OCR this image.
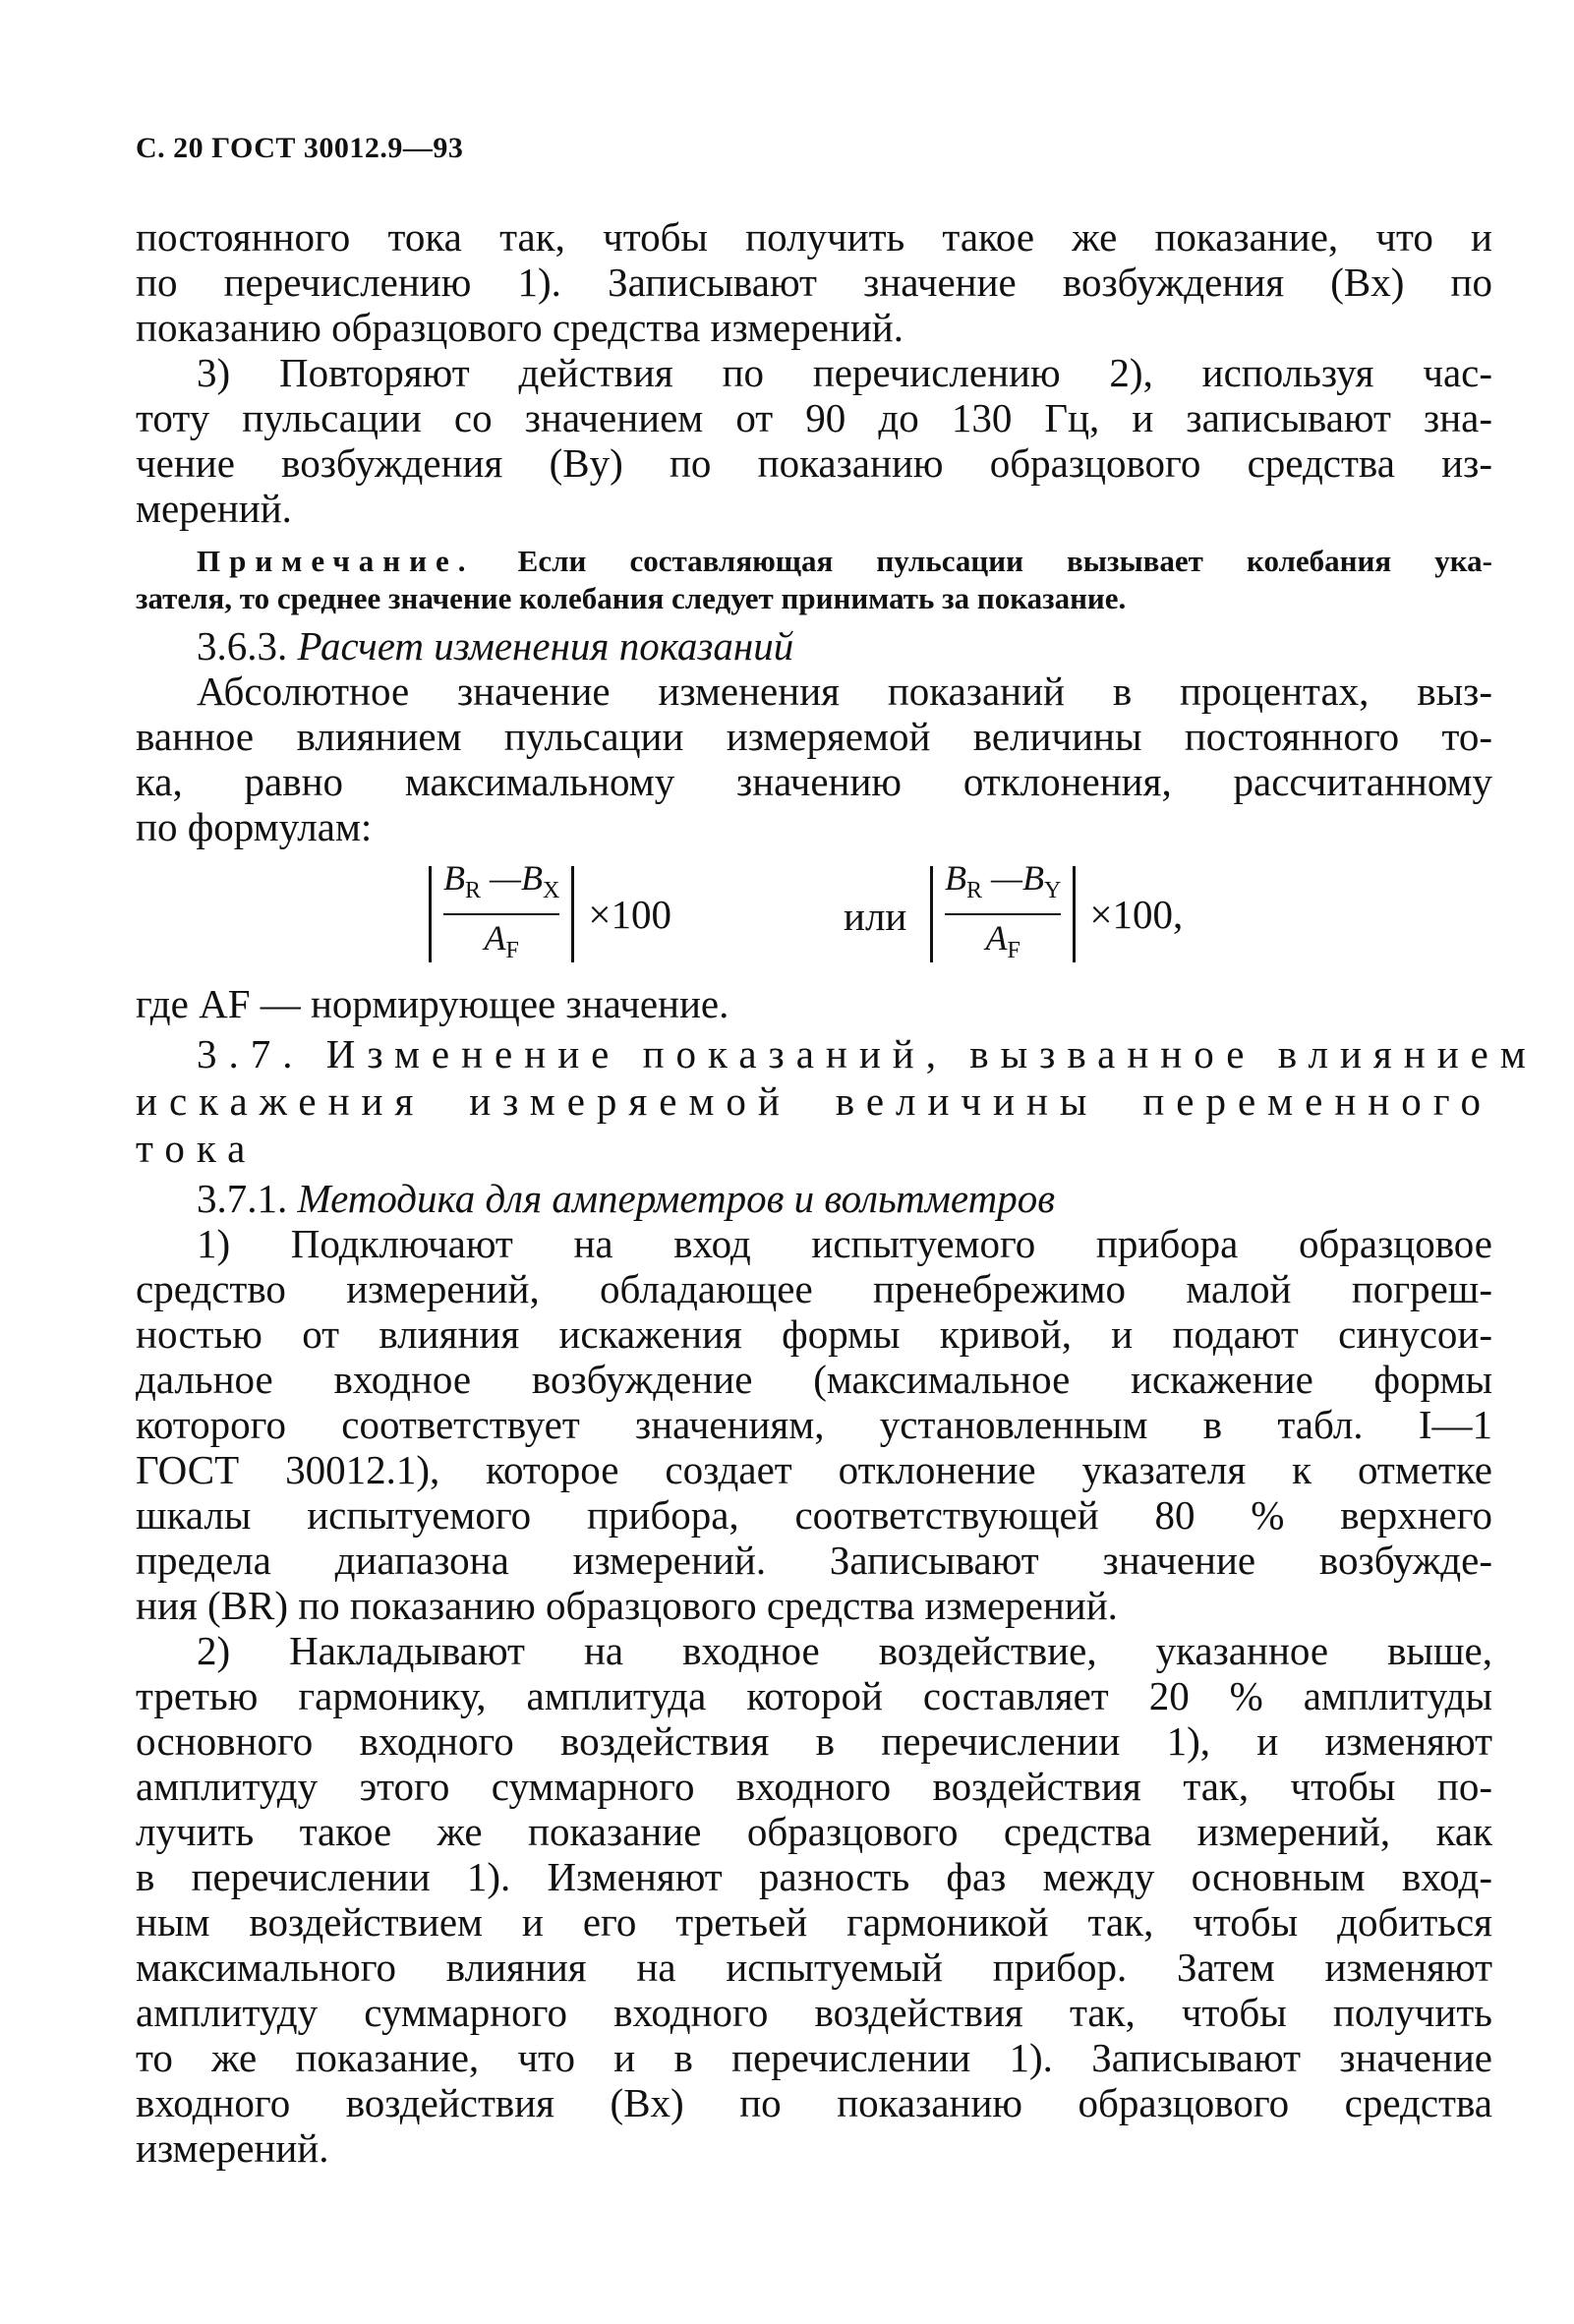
С. 20 ГОСТ 30012.9—93
постоянного тока так, чтобы получить такое же показание, что и
по перечислению 1). Записывают значение возбуждения (Bx) по
показанию образцового средства измерений.
3) Повторяют действия по перечислению 2), используя час-
тоту пульсации со значением от 90 до 130 Гц, и записывают зна-
чение возбуждения (By) по показанию образцового средства из-
мерений.
Примечание. Если составляющая пульсации вызывает колебания ука-
зателя, то среднее значение колебания следует принимать за показание.
3.6.3. Расчет изменения показаний
Абсолютное значение изменения показаний в процентах, выз-
ванное влиянием пульсации измеряемой величины постоянного то-
ка, равно максимальному значению отклонения, рассчитанному
по формулам:
$\frac{B_R —B_X}{A_F} \times 100$	или $\frac{B_R —B_Y}{A_F} \times 100$,
где AF — нормирующее значение.
3.7. Изменение показаний, вызванное влиянием
искажения измеряемой величины переменного
тока
3.7.1. Методика для амперметров и вольтметров
1) Подключают на вход испытуемого прибора образцовое
средство измерений, обладающее пренебрежимо малой погреш-
ностью от влияния искажения формы кривой, и подают синусои-
дальное входное возбуждение (максимальное искажение формы
которого соответствует значениям, установленным в табл. I—1
ГОСТ 30012.1), которое создает отклонение указателя к отметке
шкалы испытуемого прибора, соответствующей 80 % верхнего
предела диапазона измерений. Записывают значение возбужде-
ния (BR) по показанию образцового средства измерений.
2) Накладывают на входное воздействие, указанное выше,
третью гармонику, амплитуда которой составляет 20 % амплитуды
основного входного воздействия в перечислении 1), и изменяют
амплитуду этого суммарного входного воздействия так, чтобы по-
лучить такое же показание образцового средства измерений, как
в перечислении 1). Изменяют разность фаз между основным вход-
ным воздействием и его третьей гармоникой так, чтобы добиться
максимального влияния на испытуемый прибор. Затем изменяют
амплитуду суммарного входного воздействия так, чтобы получить
то же показание, что и в перечислении 1). Записывают значение
входного воздействия (Bx) по показанию образцового средства
измерений.
